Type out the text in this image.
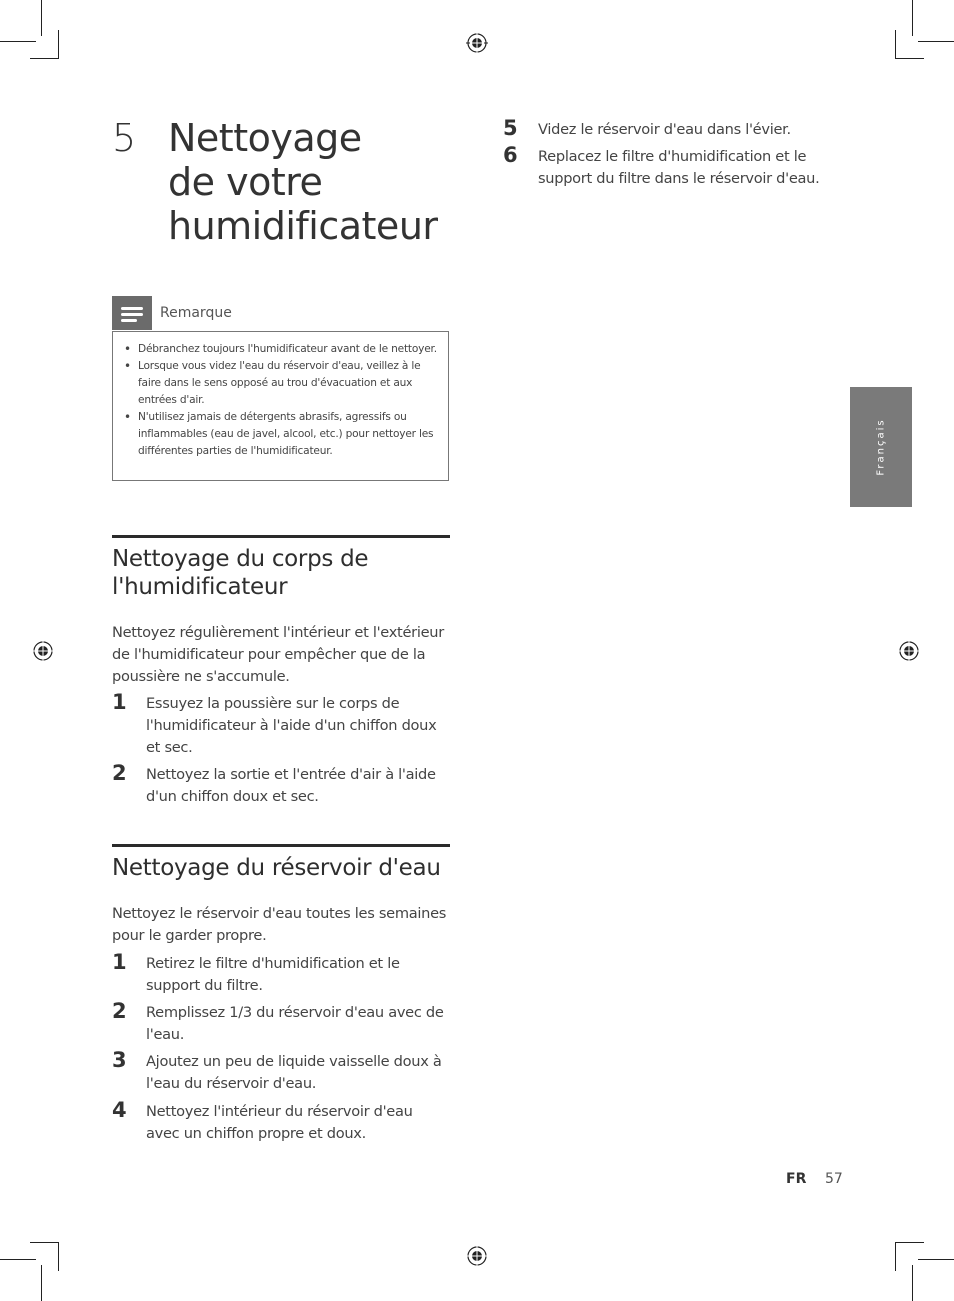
5 Nettoyage
de votre
humidificateur
Remarque
• Débranchez toujours l'humidificateur avant de le nettoyer.
• Lorsque vous videz l'eau du réservoir d'eau, veillez à le faire dans le sens opposé au trou d'évacuation et aux entrées d'air.
• N'utilisez jamais de détergents abrasifs, agressifs ou inflammables (eau de javel, alcool, etc.) pour nettoyer les différentes parties de l'humidificateur.
Nettoyage du corps de
l'humidificateur
Nettoyez régulièrement l'intérieur et l'extérieur de l'humidificateur pour empêcher que de la poussière ne s'accumule.
1 Essuyez la poussière sur le corps de l'humidificateur à l'aide d'un chiffon doux et sec.
2 Nettoyez la sortie et l'entrée d'air à l'aide d'un chiffon doux et sec.
Nettoyage du réservoir d'eau
Nettoyez le réservoir d'eau toutes les semaines pour le garder propre.
1 Retirez le filtre d'humidification et le support du filtre.
2 Remplissez 1/3 du réservoir d'eau avec de l'eau.
3 Ajoutez un peu de liquide vaisselle doux à l'eau du réservoir d'eau.
4 Nettoyez l'intérieur du réservoir d'eau avec un chiffon propre et doux.
5 Videz le réservoir d'eau dans l'évier.
6 Replacez le filtre d'humidification et le support du filtre dans le réservoir d'eau.
Français
FR 57
